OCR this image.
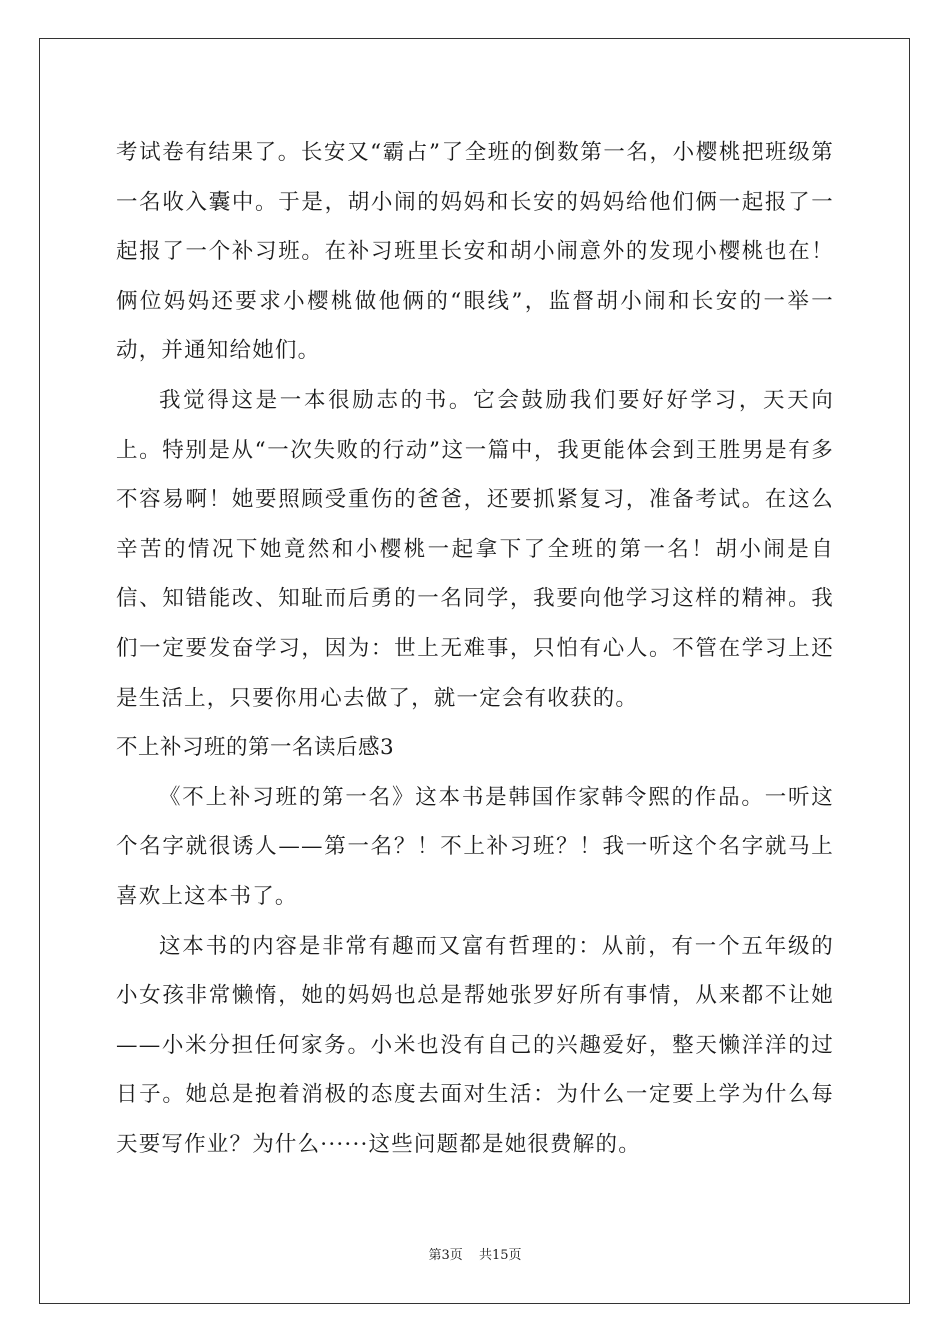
考试卷有结果了。长安又“霸占”了全班的倒数第一名，小樱桃把班级第一名收入囊中。于是，胡小闹的妈妈和长安的妈妈给他们俩一起报了一起报了一个补习班。在补习班里长安和胡小闹意外的发现小樱桃也在！俩位妈妈还要求小樱桃做他俩的“眼线”，监督胡小闹和长安的一举一动，并通知给她们。

我觉得这是一本很励志的书。它会鼓励我们要好好学习，天天向上。特别是从“一次失败的行动”这一篇中，我更能体会到王胜男是有多不容易啊！她要照顾受重伤的爸爸，还要抓紧复习，准备考试。在这么辛苦的情况下她竟然和小樱桃一起拿下了全班的第一名！胡小闹是自信、知错能改、知耻而后勇的一名同学，我要向他学习这样的精神。我们一定要发奋学习，因为：世上无难事，只怕有心人。不管在学习上还是生活上，只要你用心去做了，就一定会有收获的。

不上补习班的第一名读后感3

《不上补习班的第一名》这本书是韩国作家韩令熙的作品。一听这个名字就很诱人——第一名？！不上补习班？！我一听这个名字就马上喜欢上这本书了。

这本书的内容是非常有趣而又富有哲理的：从前，有一个五年级的小女孩非常懒惰，她的妈妈也总是帮她张罗好所有事情，从来都不让她——小米分担任何家务。小米也没有自己的兴趣爱好，整天懒洋洋的过日子。她总是抱着消极的态度去面对生活：为什么一定要上学为什么每天要写作业？为什么······这些问题都是她很费解的。

第3页 共15页
